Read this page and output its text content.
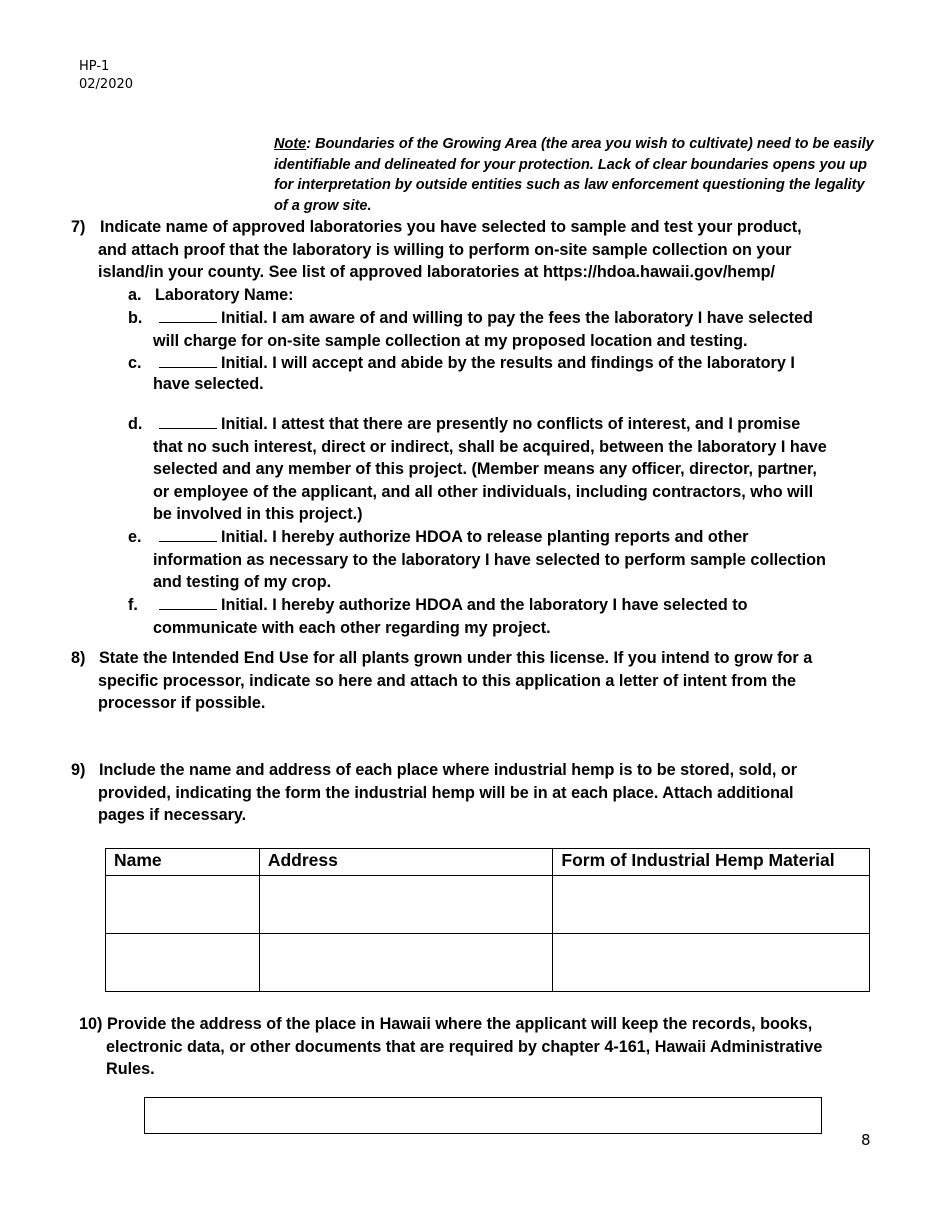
HP-1
02/2020
Note: Boundaries of the Growing Area (the area you wish to cultivate) need to be easily identifiable and delineated for your protection. Lack of clear boundaries opens you up for interpretation by outside entities such as law enforcement questioning the legality of a grow site.
7) Indicate name of approved laboratories you have selected to sample and test your product,
and attach proof that the laboratory is willing to perform on-site sample collection on your
island/in your county. See list of approved laboratories at https://hdoa.hawaii.gov/hemp/
a. Laboratory Name:
b.	Initial. I am aware of and willing to pay the fees the laboratory I have selected
will charge for on-site sample collection at my proposed location and testing.
c.	Initial. I will accept and abide by the results and findings of the laboratory I
have selected.
d.	Initial. I attest that there are presently no conflicts of interest, and I promise
that no such interest, direct or indirect, shall be acquired, between the laboratory I have
selected and any member of this project. (Member means any officer, director, partner,
or employee of the applicant, and all other individuals, including contractors, who will
be involved in this project.)
e.	Initial. I hereby authorize HDOA to release planting reports and other
information as necessary to the laboratory I have selected to perform sample collection
and testing of my crop.
f.	Initial. I hereby authorize HDOA and the laboratory I have selected to
communicate with each other regarding my project.
8) State the Intended End Use for all plants grown under this license. If you intend to grow for a
specific processor, indicate so here and attach to this application a letter of intent from the
processor if possible.
9) Include the name and address of each place where industrial hemp is to be stored, sold, or
provided, indicating the form the industrial hemp will be in at each place. Attach additional
pages if necessary.
Name	Address	Form of Industrial Hemp Material

10) Provide the address of the place in Hawaii where the applicant will keep the records, books,
electronic data, or other documents that are required by chapter 4-161, Hawaii Administrative
Rules.
8
